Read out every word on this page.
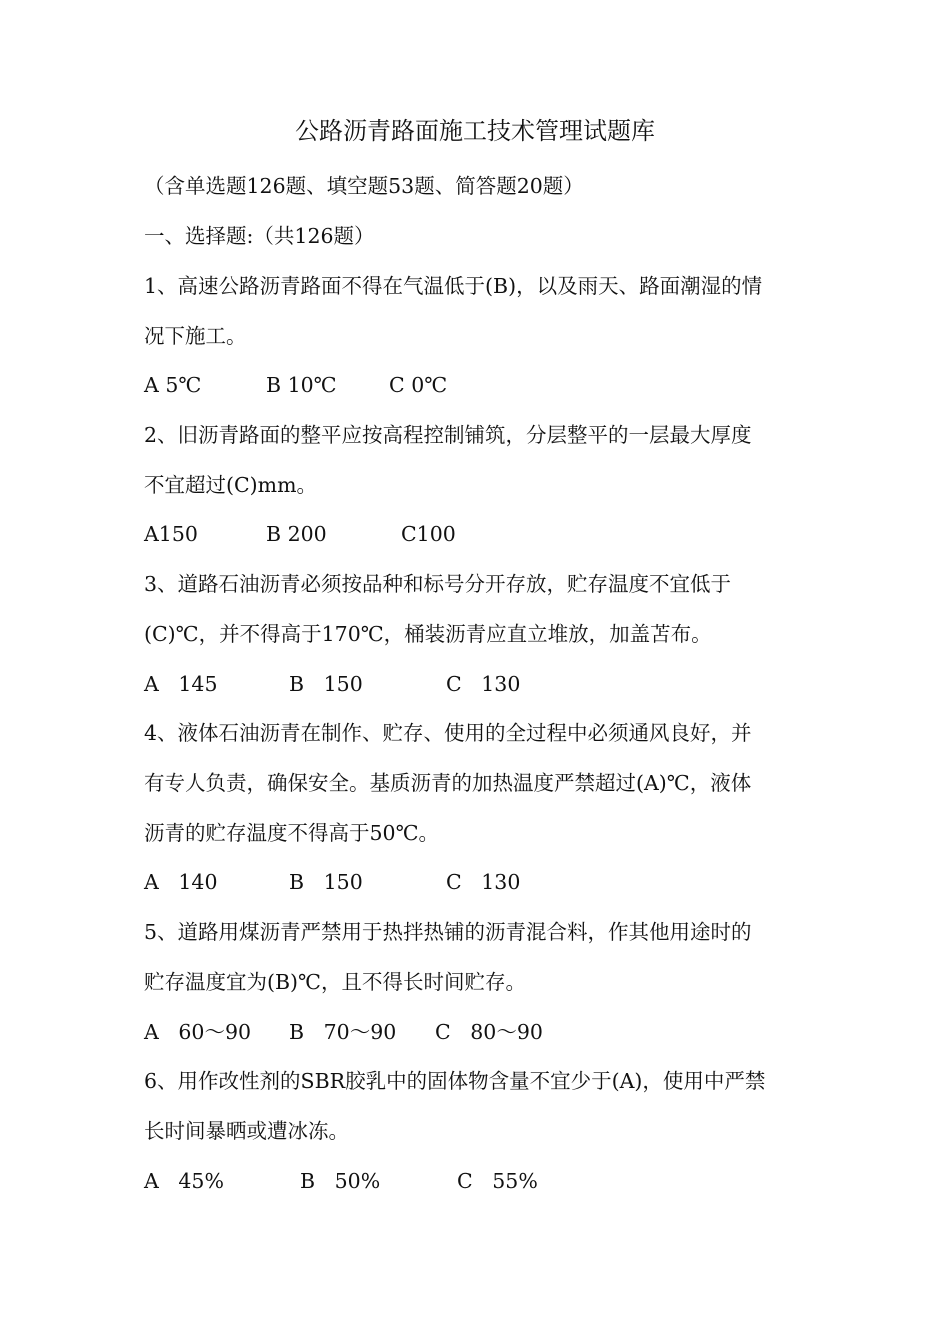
公路沥青路面施工技术管理试题库
（含单选题126题、填空题53题、简答题20题）
一、选择题:（共126题）
1、高速公路沥青路面不得在气温低于(B)，以及雨天、路面潮湿的情
况下施工。
A 5℃	B 10℃	C 0℃
2、旧沥青路面的整平应按高程控制铺筑，分层整平的一层最大厚度
不宜超过(C)mm。
A150	B 200	C100
3、道路石油沥青必须按品种和标号分开存放，贮存温度不宜低于
(C)℃，并不得高于170℃，桶装沥青应直立堆放，加盖苫布。
A   145	B   150	C   130
4、液体石油沥青在制作、贮存、使用的全过程中必须通风良好，并
有专人负责，确保安全。基质沥青的加热温度严禁超过(A)℃，液体
沥青的贮存温度不得高于50℃。
A   140	B   150	C   130
5、道路用煤沥青严禁用于热拌热铺的沥青混合料，作其他用途时的
贮存温度宜为(B)℃，且不得长时间贮存。
A   60～90 B   70～90 C   80～90
6、用作改性剂的SBR胶乳中的固体物含量不宜少于(A)，使用中严禁
长时间暴晒或遭冰冻。
A   45%	B   50%	C   55%
